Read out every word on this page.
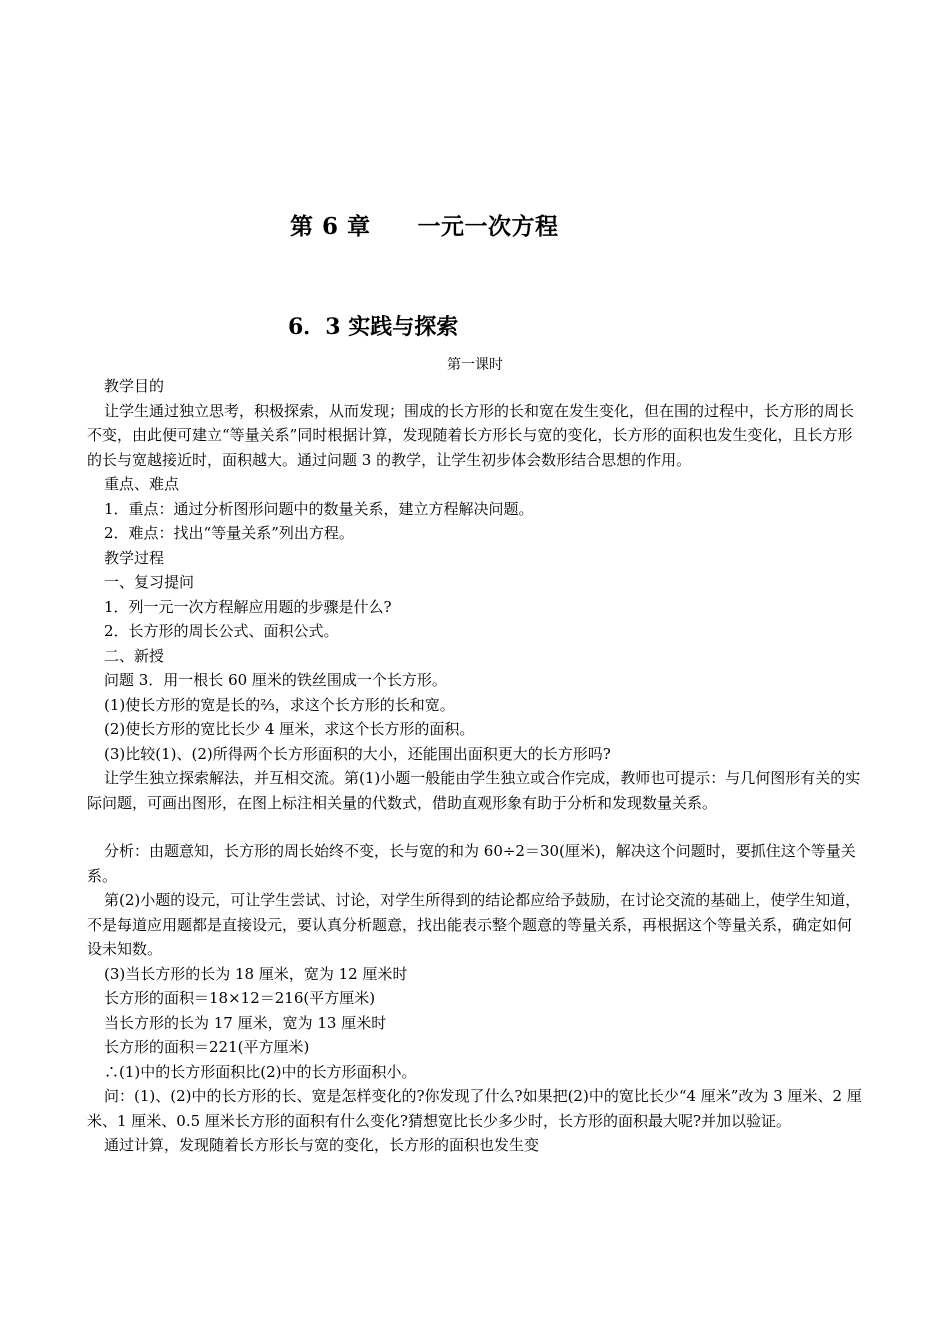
第 6 章　　一元一次方程
6．3 实践与探索
第一课时

教学目的

让学生通过独立思考，积极探索，从而发现；围成的长方形的长和宽在发生变化，但在围的过程中，长方形的周长不变，由此便可建立“等量关系”同时根据计算，发现随着长方形长与宽的变化，长方形的面积也发生变化，且长方形的长与宽越接近时，面积越大。通过问题 3 的教学，让学生初步体会数形结合思想的作用。

重点、难点

1．重点：通过分析图形问题中的数量关系，建立方程解决问题。

2．难点：找出“等量关系”列出方程。

教学过程

一、复习提问

1．列一元一次方程解应用题的步骤是什么?

2．长方形的周长公式、面积公式。

二、新授

问题 3．用一根长 60 厘米的铁丝围成一个长方形。

(1)使长方形的宽是长的⅔，求这个长方形的长和宽。

(2)使长方形的宽比长少 4 厘米，求这个长方形的面积。

(3)比较(1)、(2)所得两个长方形面积的大小，还能围出面积更大的长方形吗?

让学生独立探索解法，并互相交流。第(1)小题一般能由学生独立或合作完成，教师也可提示：与几何图形有关的实际问题，可画出图形，在图上标注相关量的代数式，借助直观形象有助于分析和发现数量关系。

分析：由题意知，长方形的周长始终不变，长与宽的和为 60÷2＝30(厘米)，解决这个问题时，要抓住这个等量关系。

第(2)小题的设元，可让学生尝试、讨论，对学生所得到的结论都应给予鼓励，在讨论交流的基础上，使学生知道，不是每道应用题都是直接设元，要认真分析题意，找出能表示整个题意的等量关系，再根据这个等量关系，确定如何设未知数。

(3)当长方形的长为 18 厘米，宽为 12 厘米时

长方形的面积＝18×12＝216(平方厘米)

当长方形的长为 17 厘米，宽为 13 厘米时

长方形的面积＝221(平方厘米)

∴(1)中的长方形面积比(2)中的长方形面积小。

问：(1)、(2)中的长方形的长、宽是怎样变化的?你发现了什么?如果把(2)中的宽比长少“4 厘米”改为 3 厘米、2 厘米、1 厘米、0.5 厘米长方形的面积有什么变化?猜想宽比长少多少时，长方形的面积最大呢?并加以验证。

通过计算，发现随着长方形长与宽的变化，长方形的面积也发生变
